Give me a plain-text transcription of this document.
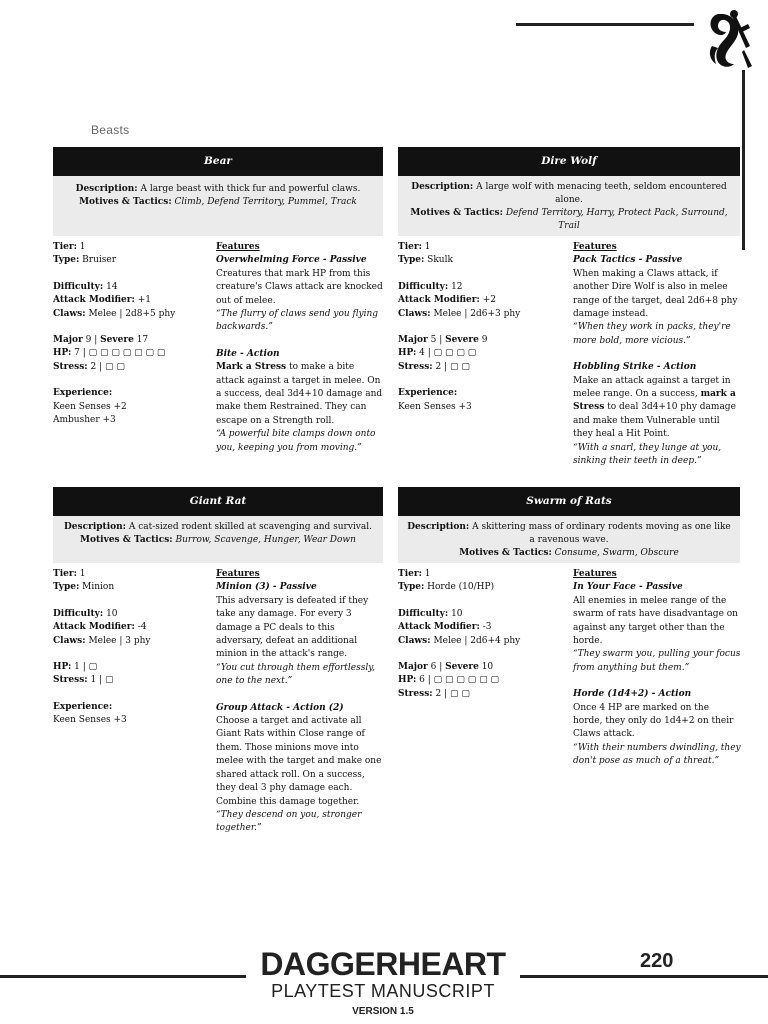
Beasts
Bear
Description: A large beast with thick fur and powerful claws.
Motives & Tactics: Climb, Defend Territory, Pummel, Track
Tier: 1
Type: Bruiser
Difficulty: 14
Attack Modifier: +1
Claws: Melee | 2d8+5 phy
Major 9 | Severe 17
HP: 7 | ▢ ▢ ▢ ▢ ▢ ▢ ▢
Stress: 2 | ▢ ▢
Experience:
Keen Senses +2
Ambusher +3
Features
Overwhelming Force - Passive
Creatures that mark HP from this creature's Claws attack are knocked out of melee.
“The flurry of claws send you flying backwards.”
Bite - Action
Mark a Stress to make a bite attack against a target in melee. On a success, deal 3d4+10 damage and make them Restrained. They can escape on a Strength roll.
“A powerful bite clamps down onto you, keeping you from moving.”
Dire Wolf
Description: A large wolf with menacing teeth, seldom encountered alone.
Motives & Tactics: Defend Territory, Harry, Protect Pack, Surround, Trail
Tier: 1
Type: Skulk
Difficulty: 12
Attack Modifier: +2
Claws: Melee | 2d6+3 phy
Major 5 | Severe 9
HP: 4 | ▢ ▢ ▢ ▢
Stress: 2 | ▢ ▢
Experience:
Keen Senses +3
Features
Pack Tactics - Passive
When making a Claws attack, if another Dire Wolf is also in melee range of the target, deal 2d6+8 phy damage instead.
“When they work in packs, they're more bold, more vicious.”
Hobbling Strike - Action
Make an attack against a target in melee range. On a success, mark a Stress to deal 3d4+10 phy damage and make them Vulnerable until they heal a Hit Point.
“With a snarl, they lunge at you, sinking their teeth in deep.”
Giant Rat
Description: A cat-sized rodent skilled at scavenging and survival.
Motives & Tactics: Burrow, Scavenge, Hunger, Wear Down
Tier: 1
Type: Minion
Difficulty: 10
Attack Modifier: -4
Claws: Melee | 3 phy
HP: 1 | ▢
Stress: 1 | ▢
Experience:
Keen Senses +3
Features
Minion (3) - Passive
This adversary is defeated if they take any damage. For every 3 damage a PC deals to this adversary, defeat an additional minion in the attack's range.
“You cut through them effortlessly, one to the next.”
Group Attack - Action (2)
Choose a target and activate all Giant Rats within Close range of them. Those minions move into melee with the target and make one shared attack roll. On a success, they deal 3 phy damage each. Combine this damage together.
“They descend on you, stronger together.”
Swarm of Rats
Description: A skittering mass of ordinary rodents moving as one like a ravenous wave.
Motives & Tactics: Consume, Swarm, Obscure
Tier: 1
Type: Horde (10/HP)
Difficulty: 10
Attack Modifier: -3
Claws: Melee | 2d6+4 phy
Major 6 | Severe 10
HP: 6 | ▢ ▢ ▢ ▢ ▢ ▢
Stress: 2 | ▢ ▢
Features
In Your Face - Passive
All enemies in melee range of the swarm of rats have disadvantage on against any target other than the horde.
“They swarm you, pulling your focus from anything but them.”
Horde (1d4+2) - Action
Once 4 HP are marked on the horde, they only do 1d4+2 on their Claws attack.
“With their numbers dwindling, they don't pose as much of a threat.”
DAGGERHEART
PLAYTEST MANUSCRIPT
VERSION 1.5
220
